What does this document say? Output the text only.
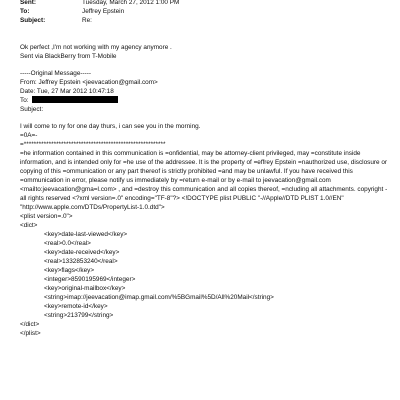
Sent:	Tuesday, March 27, 2012 1:00 PM
To:	Jeffrey Epstein
Subject:	Re:
Ok perfect ,I'm not working with my agency anymore .
Sent via BlackBerry from T-Mobile
-----Original Message-----
From: Jeffrey Epstein <jeevacation@gmail.com>
Date: Tue, 27 Mar 2012 10:47:18
To:
Subject:
I will come to ny for one day thurs, i can see you in the morning.
=0A=-
=*********************************************************
=he information contained in this communication is =onfidential, may be attorney-client privileged, may =constitute inside information, and is intended only for =he use of the addressee. It is the property of =effrey Epstein =nauthorized use, disclosure or copying of this =ommunication or any part thereof is strictly prohibited =and may be unlawful. If you have received this =ommunication in error, please notify us immediately by =return e-mail or by e-mail to jeevacation@gmail.com <mailto:jeevacation@gma=l.com> , and =destroy this communication and all copies thereof, =ncluding all attachments. copyright -all rights reserved <?xml version=.0" encoding="TF-8"?> <!DOCTYPE plist PUBLIC "-//Apple//DTD PLIST 1.0//EN" "http://www.apple.com/DTDs/PropertyList-1.0.dtd">
<plist version=.0">
<dict>
<key>date-last-viewed</key>
<real>0.0</real>
<key>date-received</key>
<real>1332853240</real>
<key>flags</key>
<integer>8590195969</integer>
<key>original-mailbox</key>
<string>imap://jeevacation@imap.gmail.com/%5BGmail%5D/All%20Mail</string>
<key>remote-id</key>
<string>213799</string>
</dict>
</plist>
